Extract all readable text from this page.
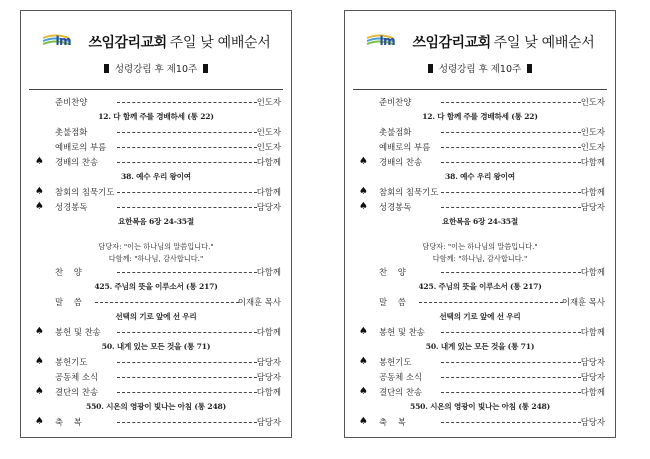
lm 쓰임감리교회 주일 낮 예배순서
성령강림 후 제10주
준비찬양	인도자
12. 다 함께 주를 경배하세 (통 22)
촛불점화	인도자
예배로의 부름	인도자
♠ 경배의 찬송	다함께
38. 예수 우리 왕이여
♠ 참회의 침묵기도	다함께
♠ 성경봉독	담당자
요한복음 6장 24-35절
담당자: "이는 하나님의 말씀입니다."
다함께: "하나님, 감사합니다."
찬    양	다함께
425. 주님의 뜻을 이루소서 (통 217)
말    씀	이재훈 목사
선택의 기로 앞에 선 우리
♠ 봉헌 및 찬송	다함께
50. 내게 있는 모든 것을 (통 71)
♠ 봉헌기도	담당자
공동체 소식	담당자
♠ 결단의 찬송	다함께
550. 시온의 영광이 빛나는 아침 (통 248)
♠ 축    복	담당자
lm 쓰임감리교회 주일 낮 예배순서
성령강림 후 제10주
준비찬양	인도자
12. 다 함께 주를 경배하세 (통 22)
촛불점화	인도자
예배로의 부름	인도자
♠ 경배의 찬송	다함께
38. 예수 우리 왕이여
♠ 참회의 침묵기도	다함께
♠ 성경봉독	담당자
요한복음 6장 24-35절
담당자: "이는 하나님의 말씀입니다."
다함께: "하나님, 감사합니다."
찬    양	다함께
425. 주님의 뜻을 이루소서 (통 217)
말    씀	이재훈 목사
선택의 기로 앞에 선 우리
♠ 봉헌 및 찬송	다함께
50. 내게 있는 모든 것을 (통 71)
♠ 봉헌기도	담당자
공동체 소식	담당자
♠ 결단의 찬송	다함께
550. 시온의 영광이 빛나는 아침 (통 248)
♠ 축    복	담당자
